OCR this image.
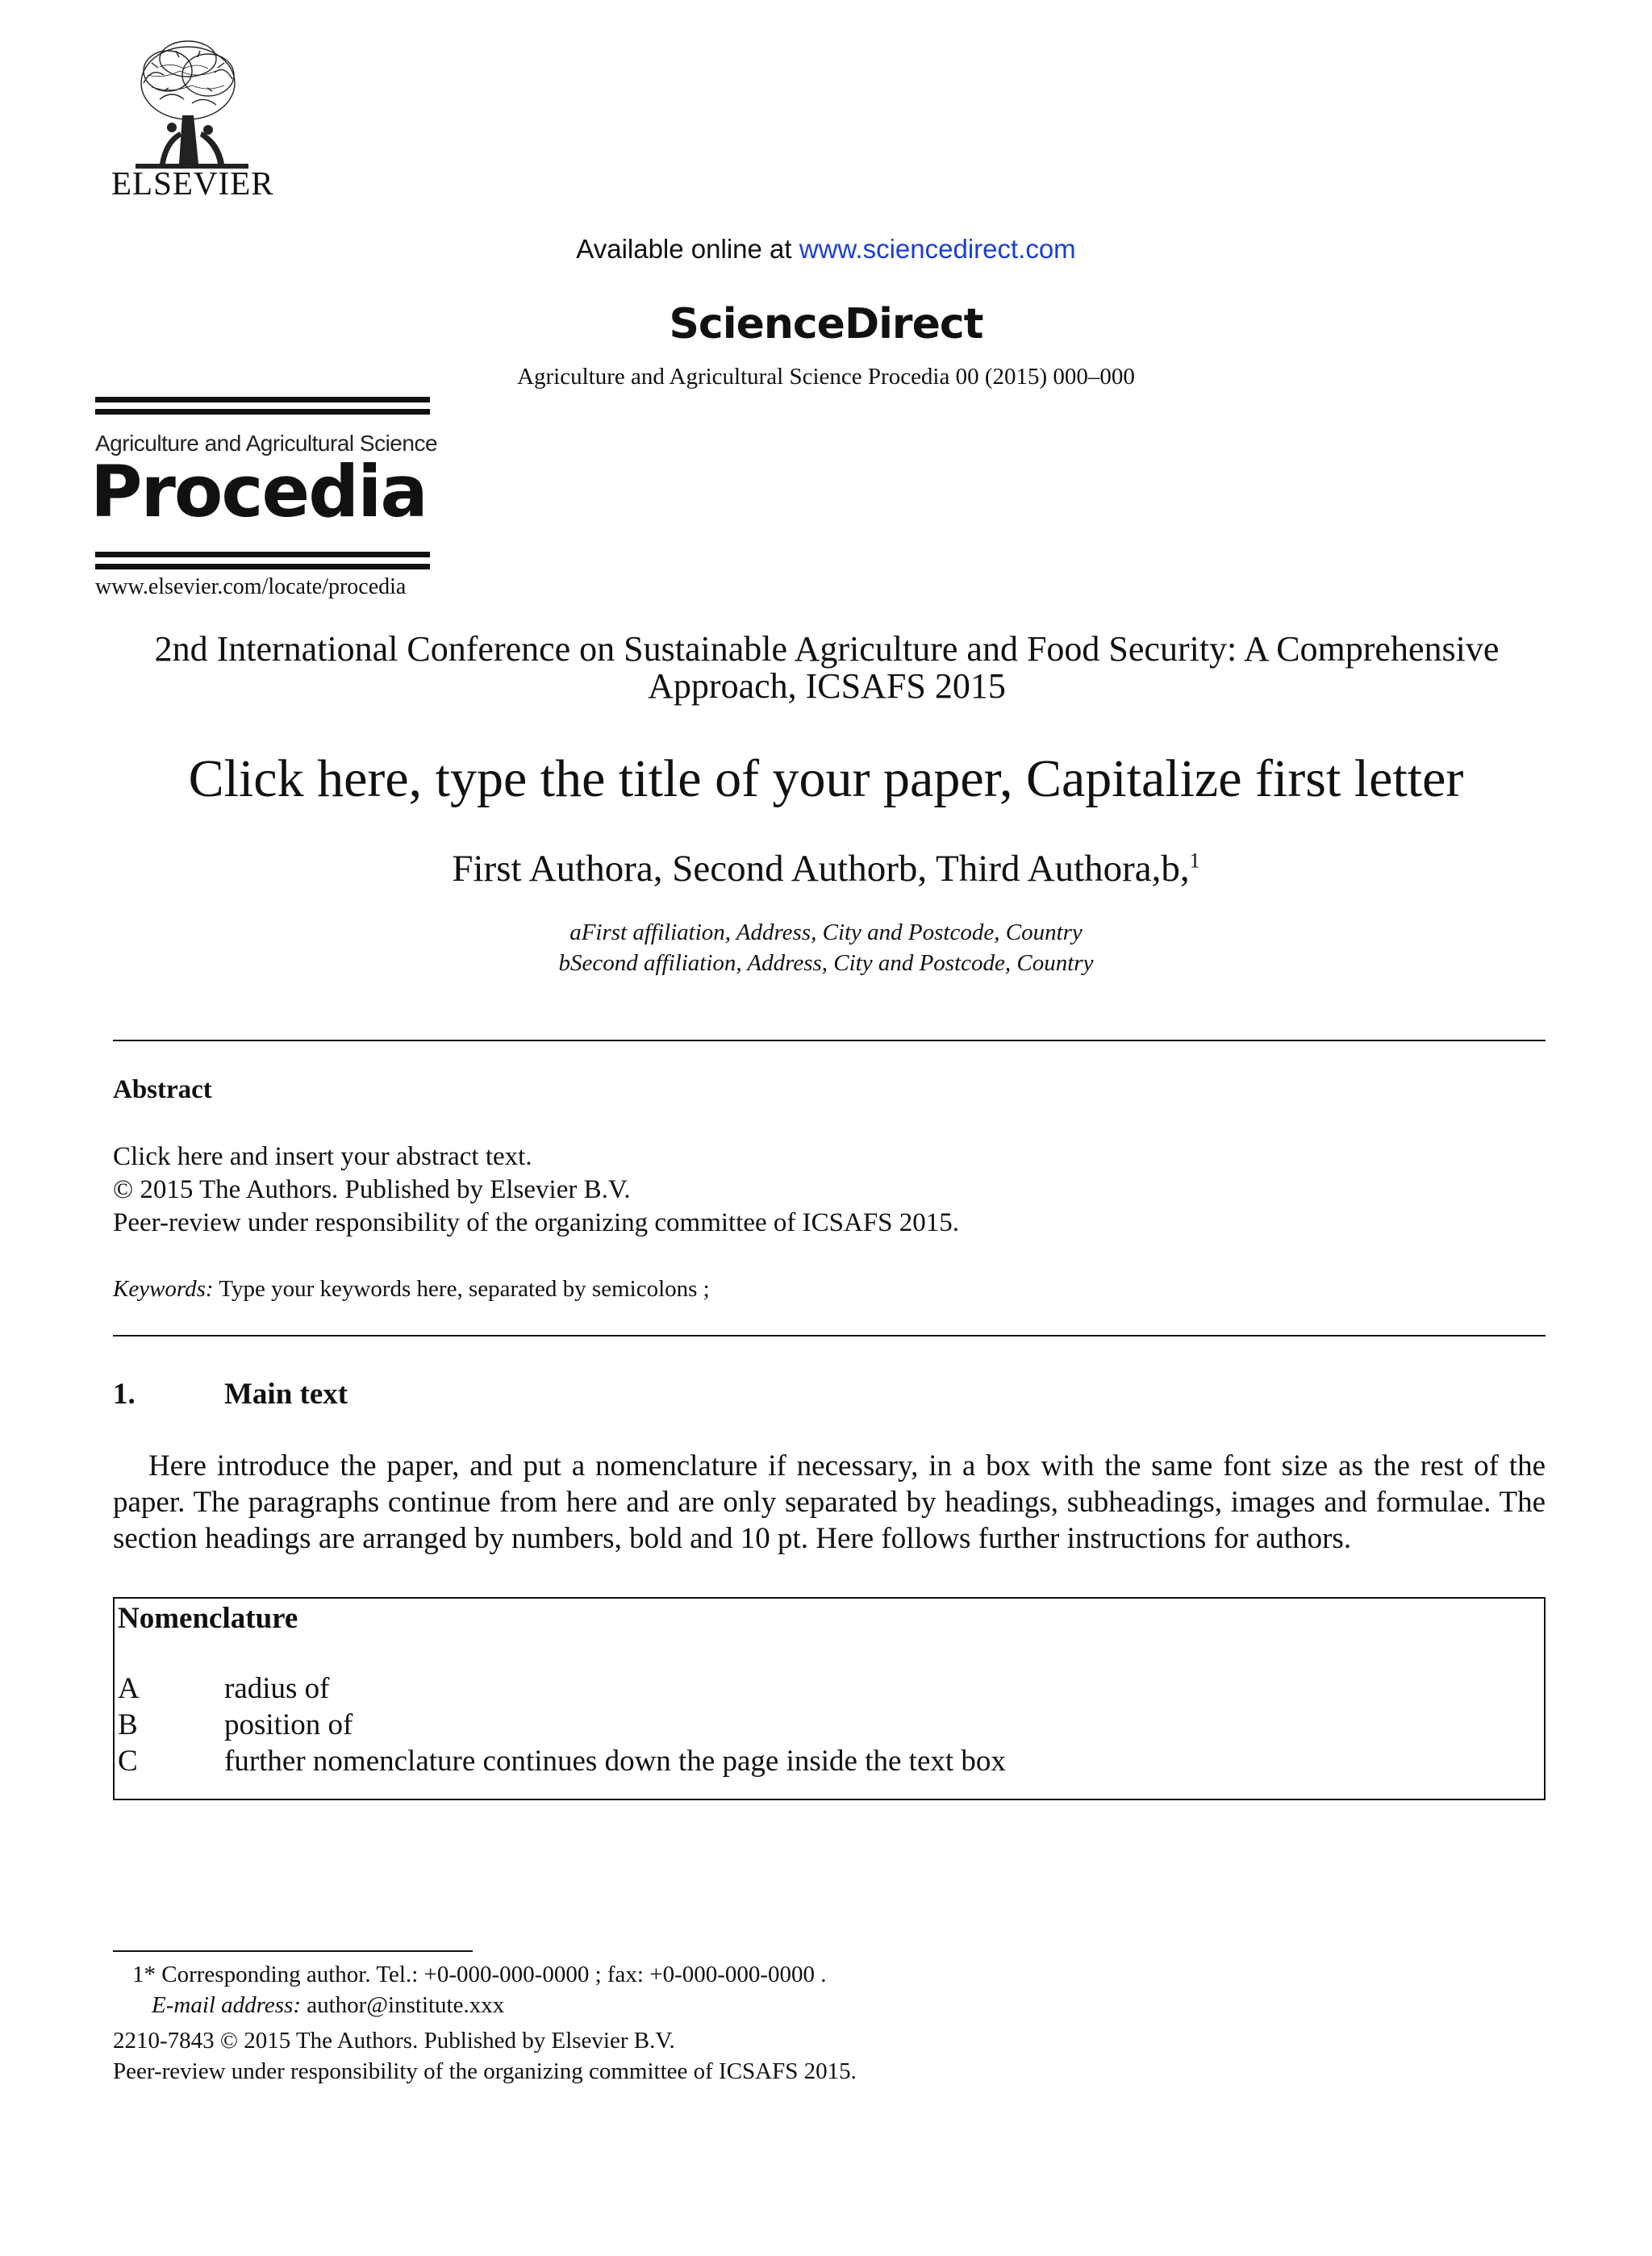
ELSEVIER
Available online at www.sciencedirect.com
ScienceDirect
Agriculture and Agricultural Science Procedia 00 (2015) 000–000
Agriculture and Agricultural Science
Procedia
www.elsevier.com/locate/procedia
2nd International Conference on Sustainable Agriculture and Food Security: A Comprehensive
Approach, ICSAFS 2015
Click here, type the title of your paper, Capitalize first letter
First Authora, Second Authorb, Third Authora,b,$^1$
aFirst affiliation, Address, City and Postcode, Country
bSecond affiliation, Address, City and Postcode, Country
Abstract
Click here and insert your abstract text.
© 2015 The Authors. Published by Elsevier B.V.
Peer-review under responsibility of the organizing committee of ICSAFS 2015.
Keywords: Type your keywords here, separated by semicolons ;
1.	Main text
Here introduce the paper, and put a nomenclature if necessary, in a box with the same font size as the rest of the paper. The paragraphs continue from here and are only separated by headings, subheadings, images and formulae. The section headings are arranged by numbers, bold and 10 pt. Here follows further instructions for authors.
Nomenclature
A	radius of
B	position of
C	further nomenclature continues down the page inside the text box
1* Corresponding author. Tel.: +0-000-000-0000 ; fax: +0-000-000-0000 .
E-mail address: author@institute.xxx
2210-7843 © 2015 The Authors. Published by Elsevier B.V.
Peer-review under responsibility of the organizing committee of ICSAFS 2015.
